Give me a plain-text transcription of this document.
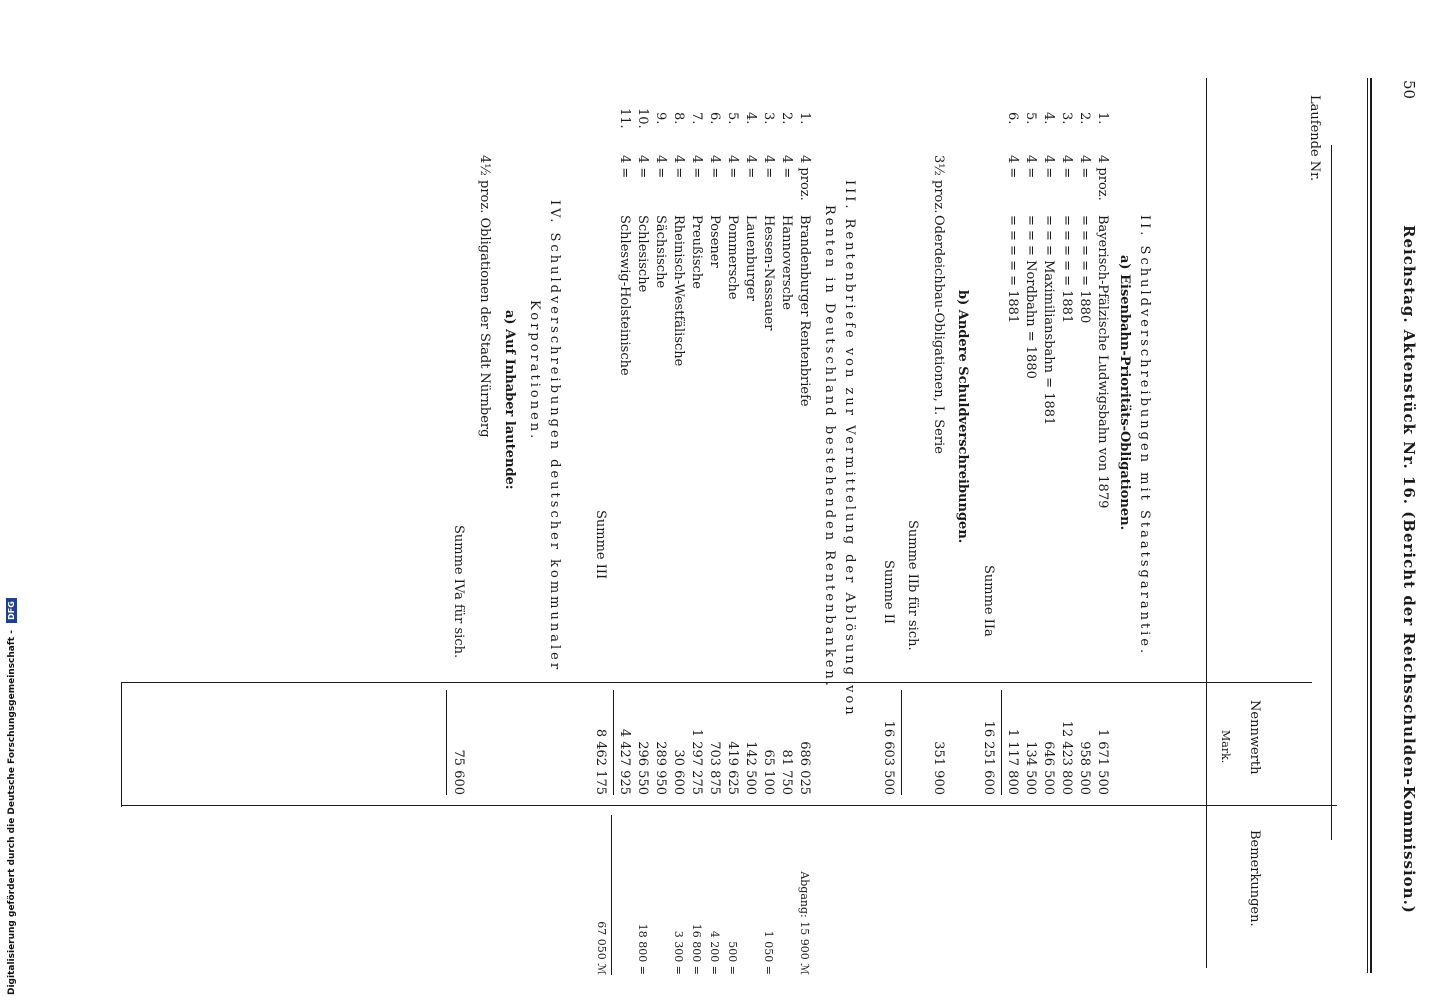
50
Reichstag. Aktenstück Nr. 16. (Bericht der Reichsschulden-Kommission.)
Laufende Nr.
Nennwerth
Mark.
Bemerkungen.
II. Schuldverschreibungen mit Staatsgarantie.
a) Eisenbahn-Prioritäts-Obligationen.
1.
4 proz.
Bayerisch-Pfälzische Ludwigsbahn von 1879
1 671 500
2.
4 =
= = = = = 1880
958 500
3.
4 =
= = = = = 1881
12 423 800
4.
4 =
= = = Maximiliansbahn = 1881
646 500
5.
4 =
= = = Nordbahn = 1880
134 500
6.
4 =
= = = = = 1881
1 117 800
Summe IIa
16 251 600
b) Andere Schuldverschreibungen.
3½ proz.
Oderdeichbau-Obligationen, I. Serie
351 900
Summe IIb für sich.
Summe II
16 603 500
III. Rentenbriefe von zur Vermittelung der Ablösung von
Renten in Deutschland bestehenden Rentenbanken.
1.
4 proz.
Brandenburger Rentenbriefe
686 025
Abgang: 15 900 ℳ
2.
4 =
Hannoversche
81 750
3.
4 =
Hessen-Nassauer
65 100
1 050 =
4.
4 =
Lauenburger
142 500
5.
4 =
Pommersche
419 625
500 =
6.
4 =
Posener
703 875
4 200 =
7.
4 =
Preußische
1 297 275
16 800 =
8.
4 =
Rheinisch-Westfälische
30 600
3 300 =
9.
4 =
Sächsische
289 950
10.
4 =
Schlesische
296 550
18 800 =
11.
4 =
Schleswig-Holsteinische
4 427 925
Summe III
8 462 175
67 050 ℳ
IV. Schuldverschreibungen deutscher kommunaler
Korporationen.
a) Auf Inhaber lautende:
4½ proz. Obligationen der Stadt Nürnberg
Summe IVa für sich.
75 600
Digitalisierung gefördert durch die Deutsche Forschungsgemeinschaft - DFG
